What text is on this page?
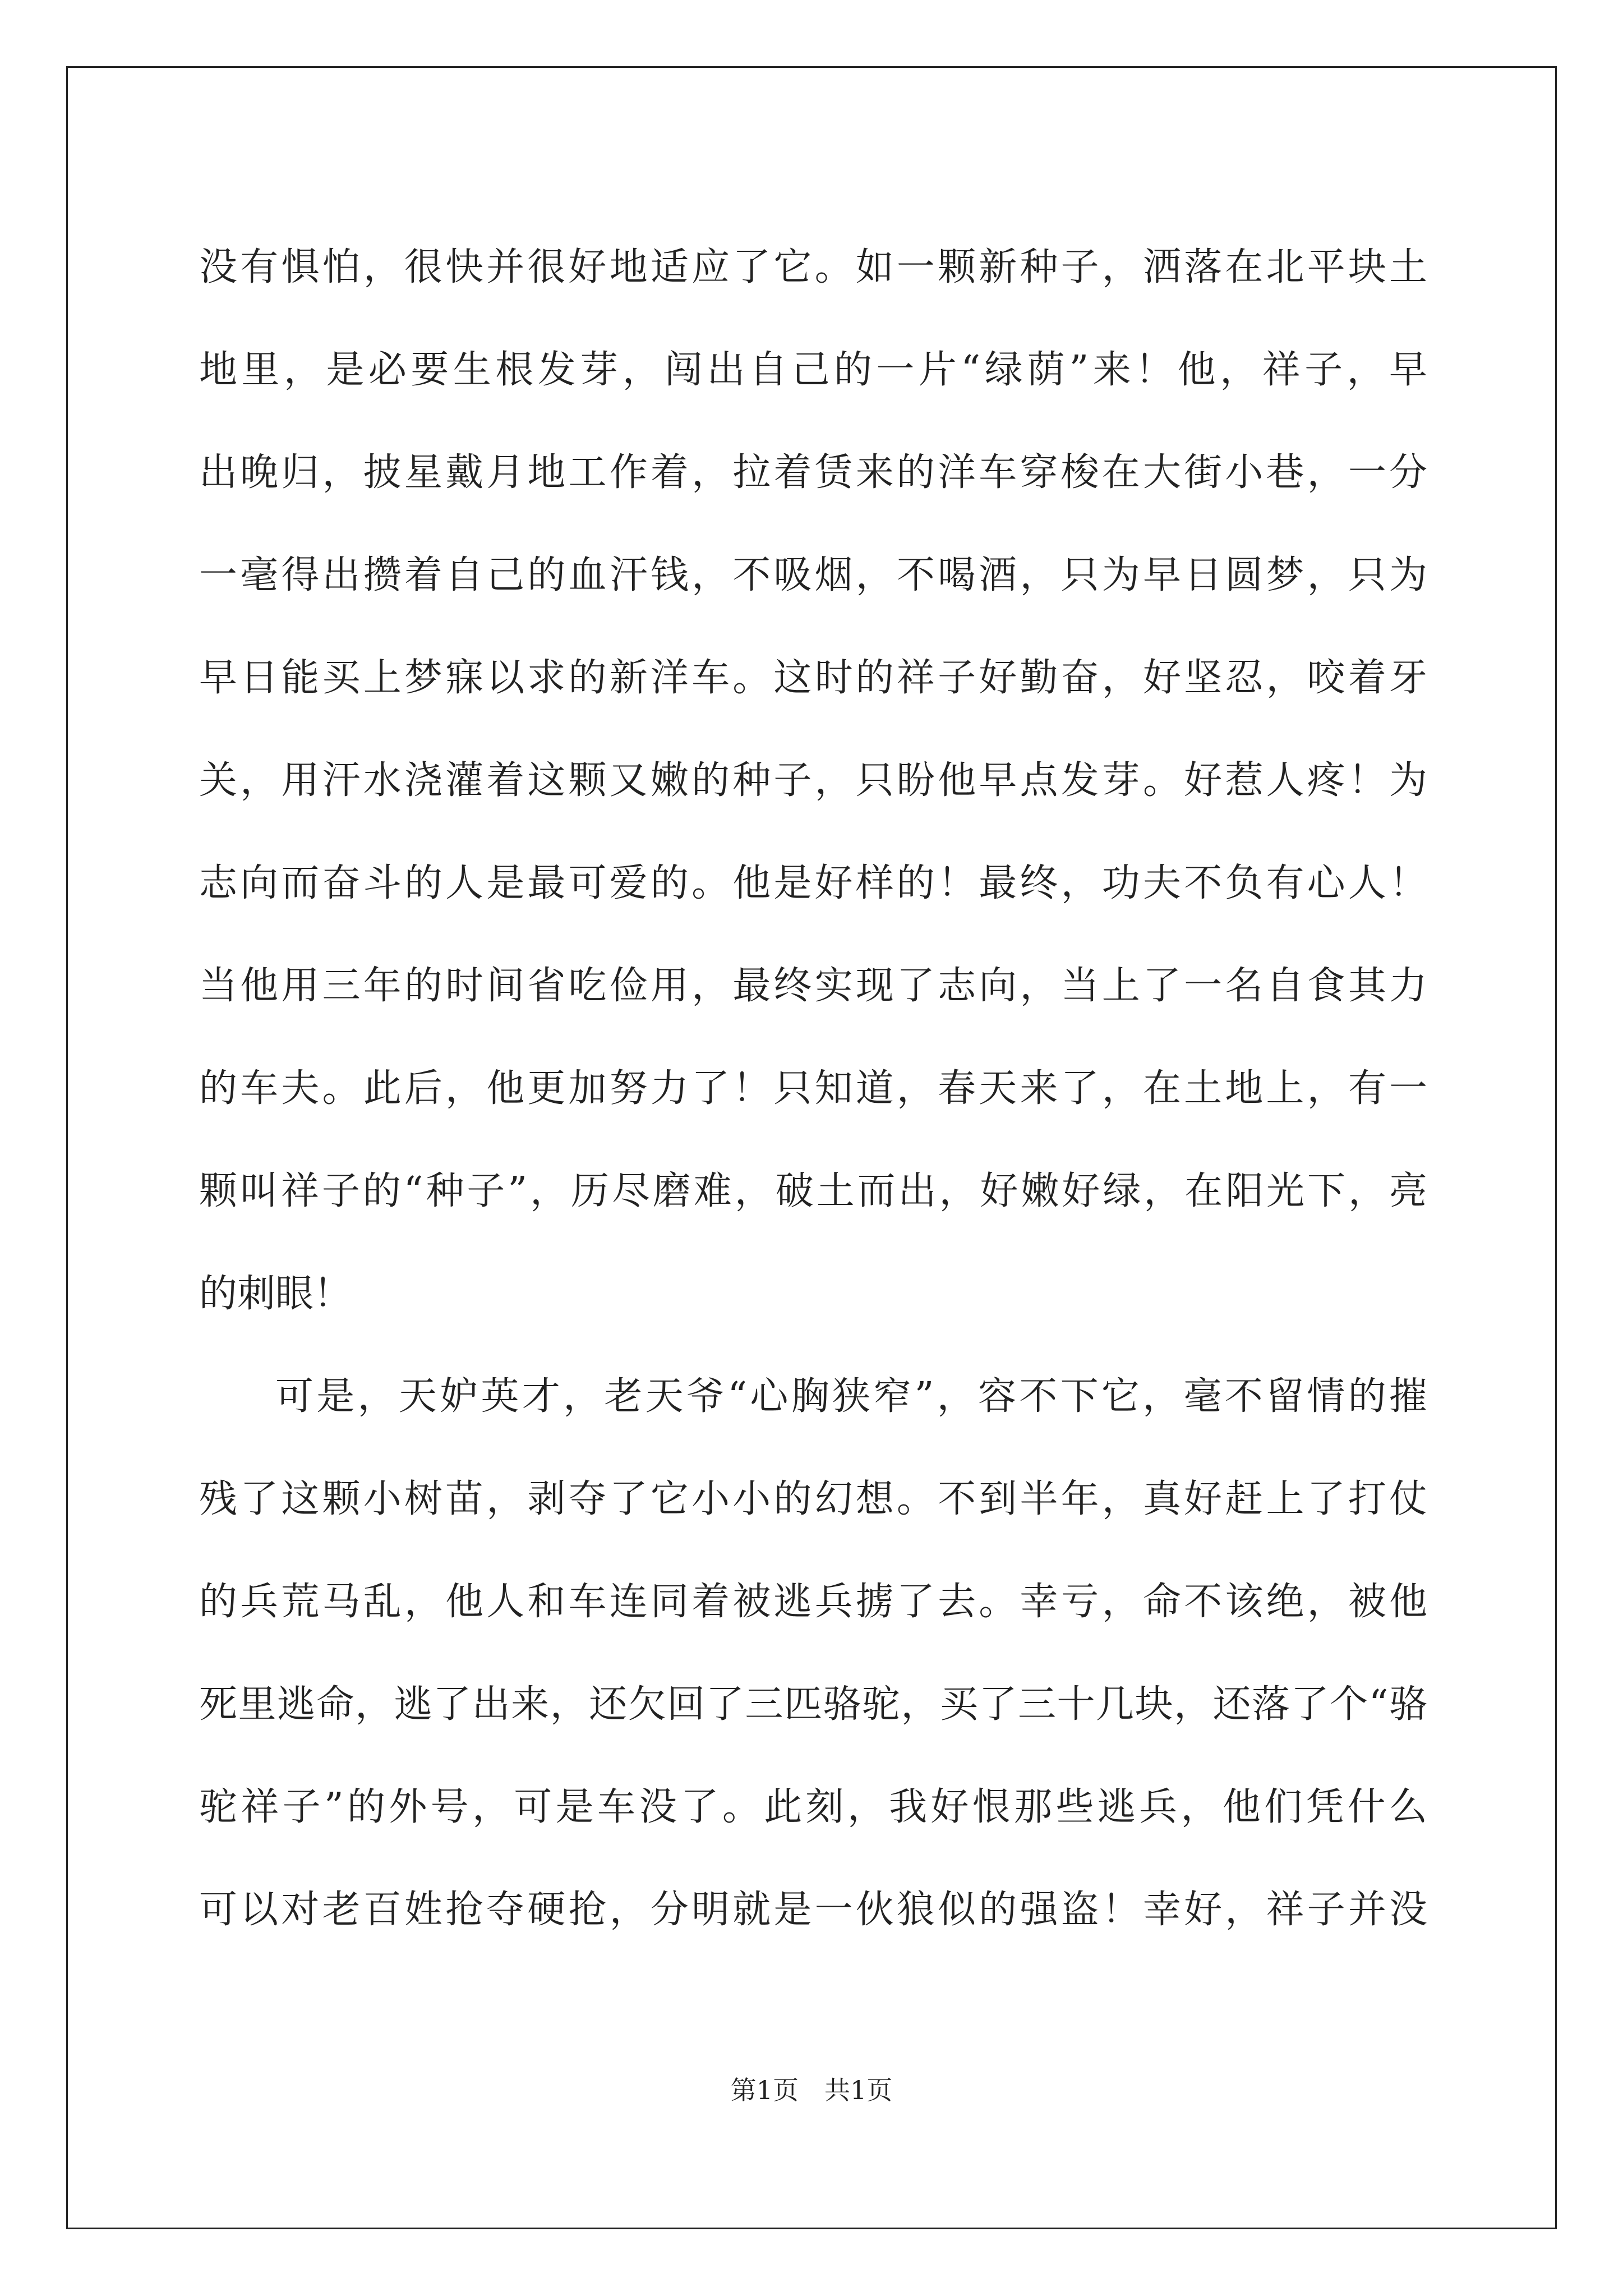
没有惧怕，很快并很好地适应了它。如一颗新种子，洒落在北平块土
地里，是必要生根发芽，闯出自己的一片“绿荫”来！他，祥子，早
出晚归，披星戴月地工作着，拉着赁来的洋车穿梭在大街小巷，一分
一毫得出攒着自己的血汗钱，不吸烟，不喝酒，只为早日圆梦，只为
早日能买上梦寐以求的新洋车。这时的祥子好勤奋，好坚忍，咬着牙
关，用汗水浇灌着这颗又嫩的种子，只盼他早点发芽。好惹人疼！为
志向而奋斗的人是最可爱的。他是好样的！最终，功夫不负有心人！
当他用三年的时间省吃俭用，最终实现了志向，当上了一名自食其力
的车夫。此后，他更加努力了！只知道，春天来了，在土地上，有一
颗叫祥子的“种子”，历尽磨难，破土而出，好嫩好绿，在阳光下，亮
的刺眼！
可是，天妒英才，老天爷“心胸狭窄”，容不下它，毫不留情的摧
残了这颗小树苗，剥夺了它小小的幻想。不到半年，真好赶上了打仗
的兵荒马乱，他人和车连同着被逃兵掳了去。幸亏，命不该绝，被他
死里逃命，逃了出来，还欠回了三匹骆驼，买了三十几块，还落了个“骆
驼祥子”的外号，可是车没了。此刻，我好恨那些逃兵，他们凭什么
可以对老百姓抢夺硬抢，分明就是一伙狼似的强盗！幸好，祥子并没
第1页　共1页
